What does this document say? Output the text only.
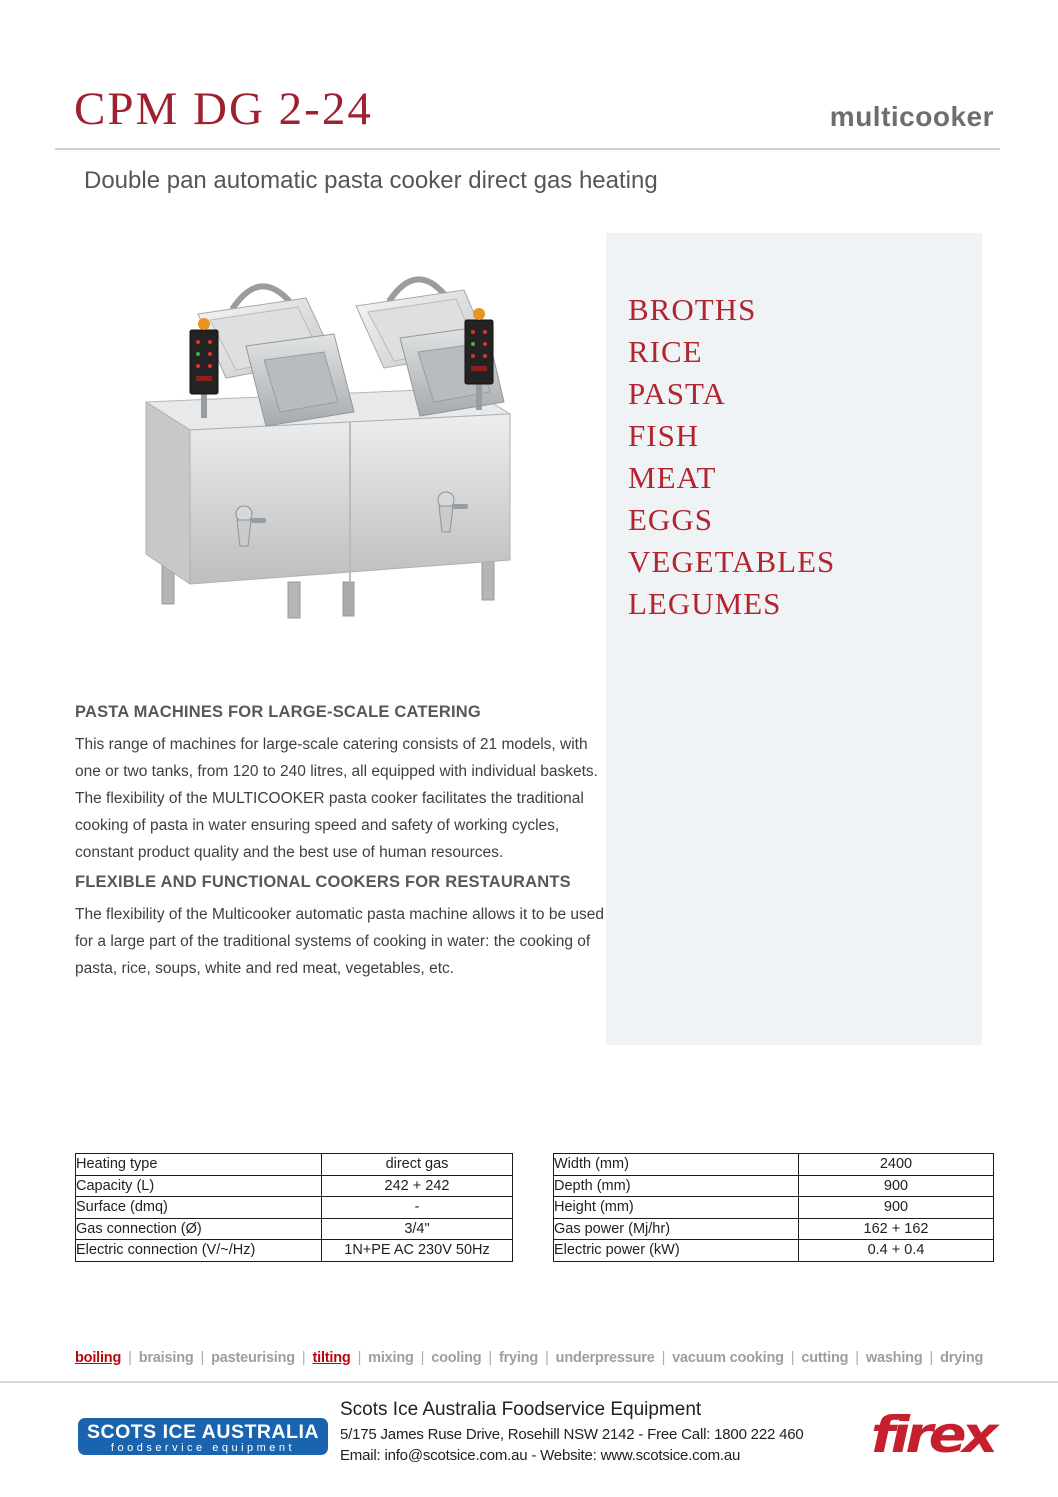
CPM DG 2-24	multicooker
Double pan automatic pasta cooker direct gas heating
BROTHS
RICE
PASTA
FISH
MEAT
EGGS
VEGETABLES
LEGUMES
PASTA MACHINES FOR LARGE-SCALE CATERING
This range of machines for large-scale catering consists of 21 models, with one or two tanks, from 120 to 240 litres, all equipped with individual baskets. The flexibility of the MULTICOOKER pasta cooker facilitates the traditional cooking of pasta in water ensuring speed and safety of working cycles, constant product quality and the best use of human resources.
FLEXIBLE AND FUNCTIONAL COOKERS FOR RESTAURANTS
The flexibility of the Multicooker automatic pasta machine allows it to be used for a large part of the traditional systems of cooking in water: the cooking of pasta, rice, soups, white and red meat, vegetables, etc.
Heating type	direct gas
Capacity (L)	242 + 242
Surface (dmq)	-
Gas connection (Ø)	3/4"
Electric connection (V/~/Hz)	1N+PE AC 230V 50Hz
Width (mm)	2400
Depth (mm)	900
Height (mm)	900
Gas power (Mj/hr)	162 + 162
Electric power (kW)	0.4 + 0.4
boiling | braising | pasteurising | tilting | mixing | cooling | frying | underpressure | vacuum cooking | cutting | washing | drying
SCOTS ICE AUSTRALIA
foodservice equipment
Scots Ice Australia Foodservice Equipment
5/175 James Ruse Drive, Rosehill NSW 2142 - Free Call: 1800 222 460
Email: info@scotsice.com.au - Website: www.scotsice.com.au	firex
